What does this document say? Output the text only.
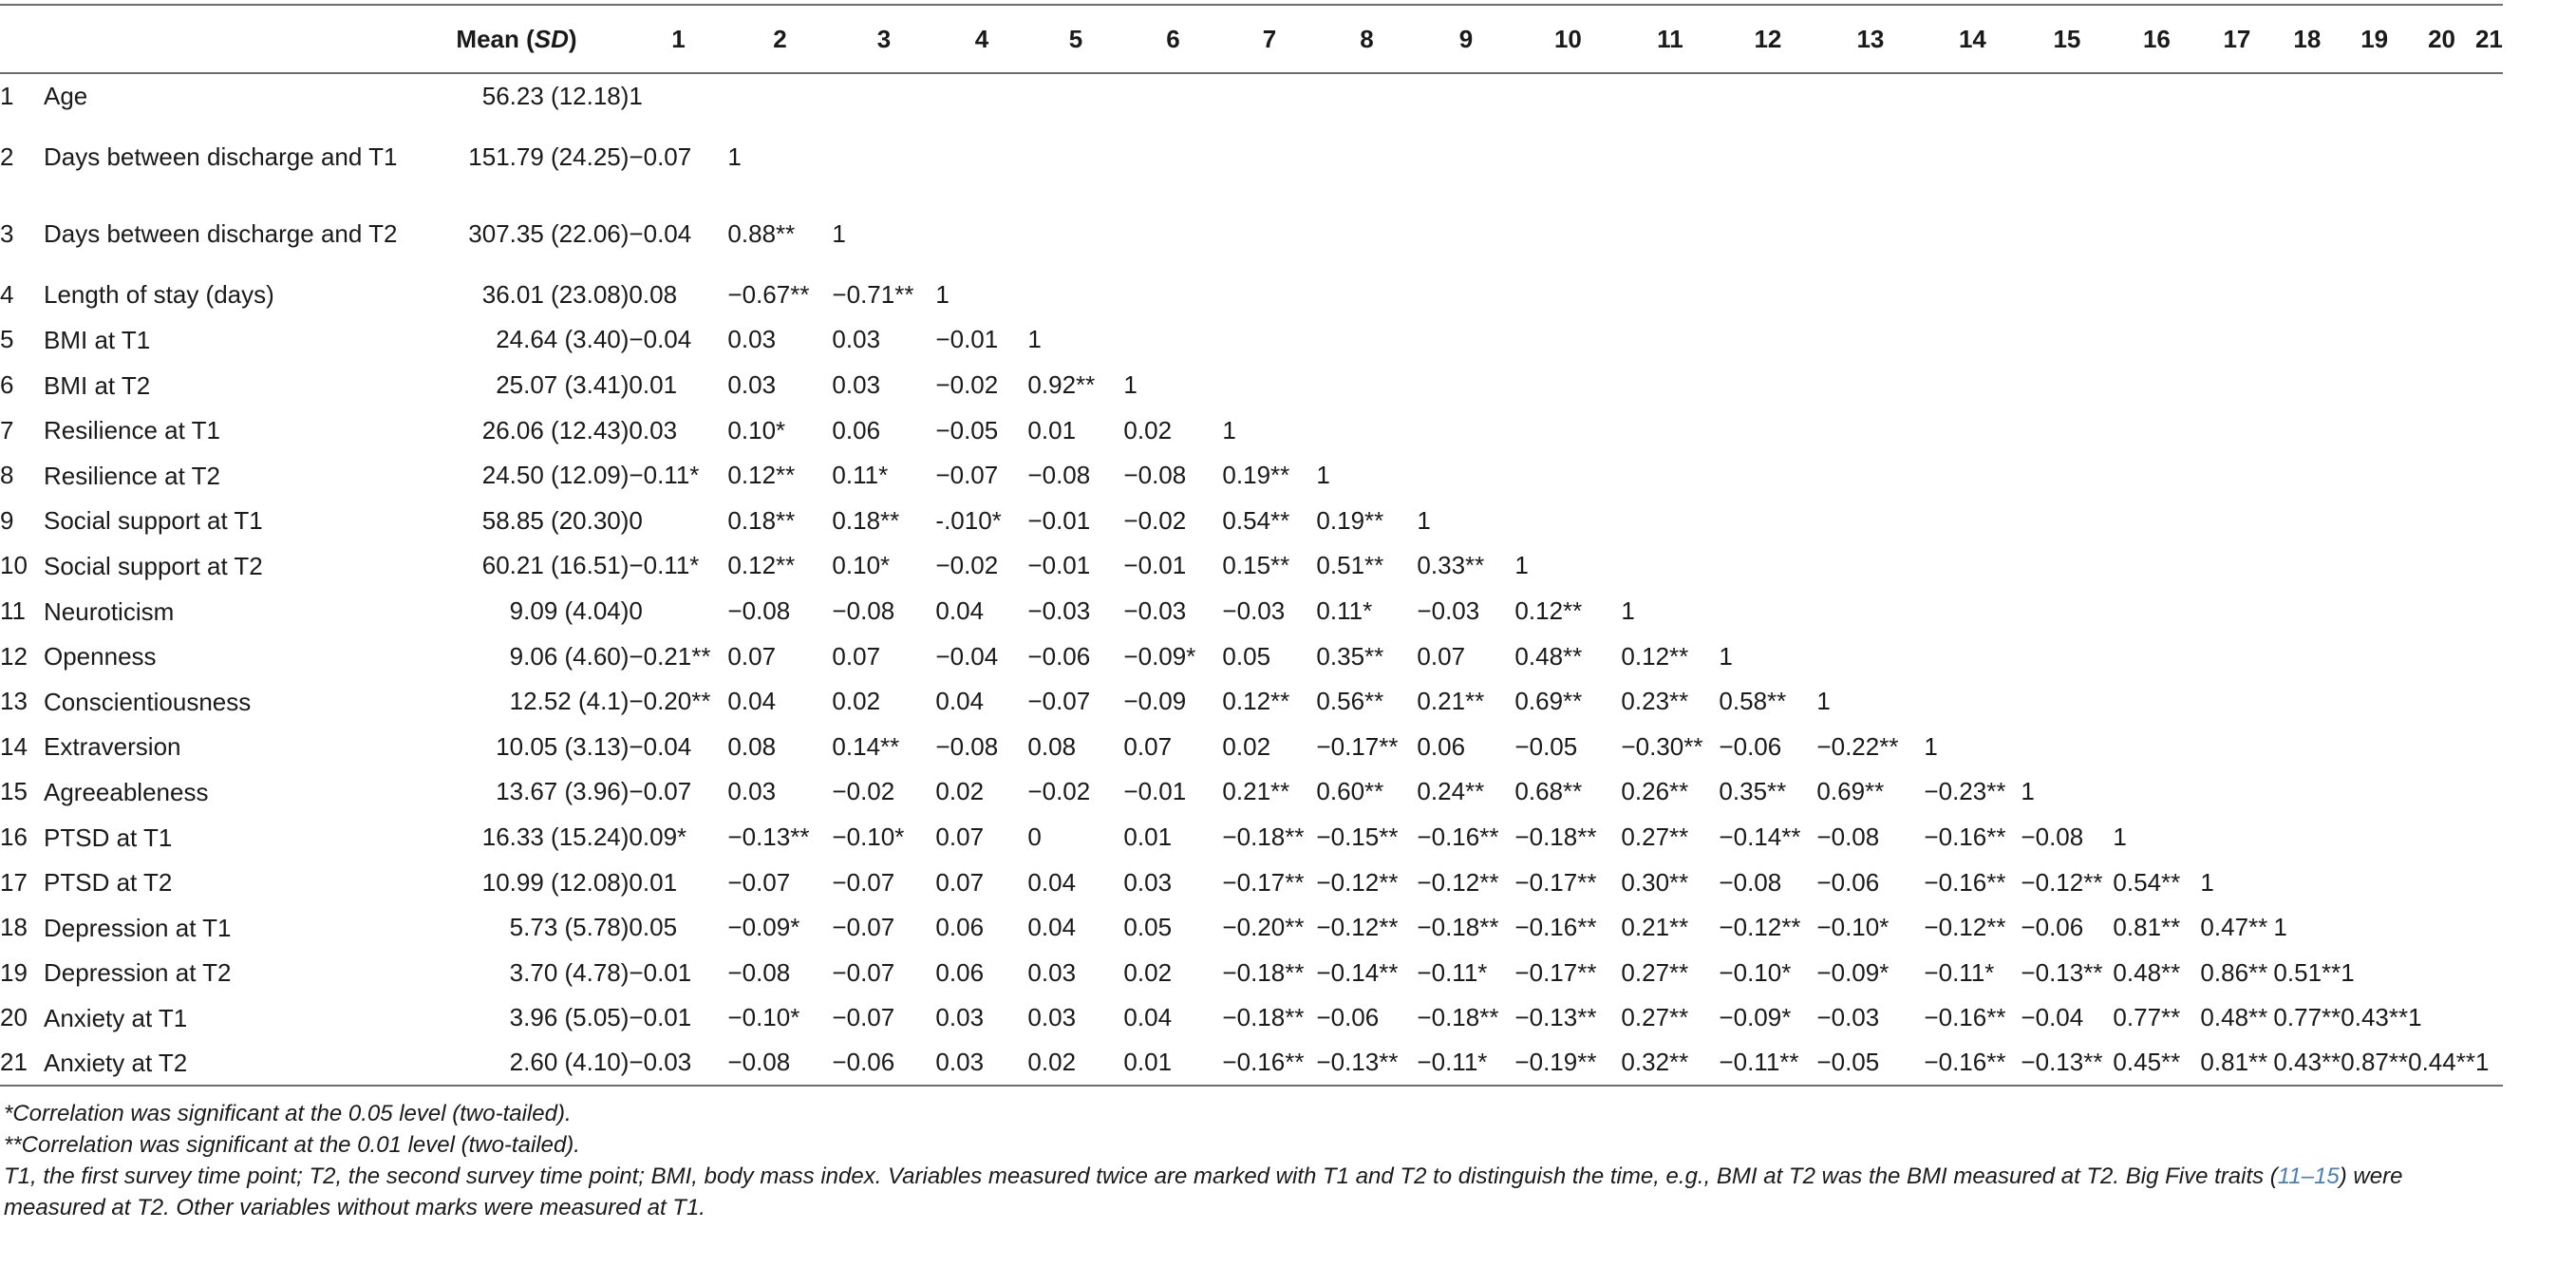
		Mean (SD)	1	2	3	4	5	6	7	8	9	10	11	12	13	14	15	16	17	18	19	20	21	
1	Age	56.23 (12.18)	1																					
2	Days between discharge and T1	151.79 (24.25)	−0.07	1																				
3	Days between discharge and T2	307.35 (22.06)	−0.04	0.88**	1																			
4	Length of stay (days)	36.01 (23.08)	0.08	−0.67**	−0.71**	1																		
5	BMI at T1	24.64 (3.40)	−0.04	0.03	0.03	−0.01	1																	
6	BMI at T2	25.07 (3.41)	0.01	0.03	0.03	−0.02	0.92**	1																
7	Resilience at T1	26.06 (12.43)	0.03	0.10*	0.06	−0.05	0.01	0.02	1															
8	Resilience at T2	24.50 (12.09)	−0.11*	0.12**	0.11*	−0.07	−0.08	−0.08	0.19**	1														
9	Social support at T1	58.85 (20.30)	0	0.18**	0.18**	-.010*	−0.01	−0.02	0.54**	0.19**	1													
10	Social support at T2	60.21 (16.51)	−0.11*	0.12**	0.10*	−0.02	−0.01	−0.01	0.15**	0.51**	0.33**	1												
11	Neuroticism	9.09 (4.04)	0	−0.08	−0.08	0.04	−0.03	−0.03	−0.03	0.11*	−0.03	0.12**	1											
12	Openness	9.06 (4.60)	−0.21**	0.07	0.07	−0.04	−0.06	−0.09*	0.05	0.35**	0.07	0.48**	0.12**	1										
13	Conscientiousness	12.52 (4.1)	−0.20**	0.04	0.02	0.04	−0.07	−0.09	0.12**	0.56**	0.21**	0.69**	0.23**	0.58**	1									
14	Extraversion	10.05 (3.13)	−0.04	0.08	0.14**	−0.08	0.08	0.07	0.02	−0.17**	0.06	−0.05	−0.30**	−0.06	−0.22**	1								
15	Agreeableness	13.67 (3.96)	−0.07	0.03	−0.02	0.02	−0.02	−0.01	0.21**	0.60**	0.24**	0.68**	0.26**	0.35**	0.69**	−0.23**	1							
16	PTSD at T1	16.33 (15.24)	0.09*	−0.13**	−0.10*	0.07	0	0.01	−0.18**	−0.15**	−0.16**	−0.18**	0.27**	−0.14**	−0.08	−0.16**	−0.08	1						
17	PTSD at T2	10.99 (12.08)	0.01	−0.07	−0.07	0.07	0.04	0.03	−0.17**	−0.12**	−0.12**	−0.17**	0.30**	−0.08	−0.06	−0.16**	−0.12**	0.54**	1					
18	Depression at T1	5.73 (5.78)	0.05	−0.09*	−0.07	0.06	0.04	0.05	−0.20**	−0.12**	−0.18**	−0.16**	0.21**	−0.12**	−0.10*	−0.12**	−0.06	0.81**	0.47**	1				
19	Depression at T2	3.70 (4.78)	−0.01	−0.08	−0.07	0.06	0.03	0.02	−0.18**	−0.14**	−0.11*	−0.17**	0.27**	−0.10*	−0.09*	−0.11*	−0.13**	0.48**	0.86**	0.51**	1			
20	Anxiety at T1	3.96 (5.05)	−0.01	−0.10*	−0.07	0.03	0.03	0.04	−0.18**	−0.06	−0.18**	−0.13**	0.27**	−0.09*	−0.03	−0.16**	−0.04	0.77**	0.48**	0.77**	0.43**	1		
21	Anxiety at T2	2.60 (4.10)	−0.03	−0.08	−0.06	0.03	0.02	0.01	−0.16**	−0.13**	−0.11*	−0.19**	0.32**	−0.11**	−0.05	−0.16**	−0.13**	0.45**	0.81**	0.43**	0.87**	0.44**	1	
*Correlation was significant at the 0.05 level (two-tailed).
**Correlation was significant at the 0.01 level (two-tailed).
T1, the first survey time point; T2, the second survey time point; BMI, body mass index. Variables measured twice are marked with T1 and T2 to distinguish the time, e.g., BMI at T2 was the BMI measured at T2. Big Five traits (11–15) were measured at T2. Other variables without marks were measured at T1.
